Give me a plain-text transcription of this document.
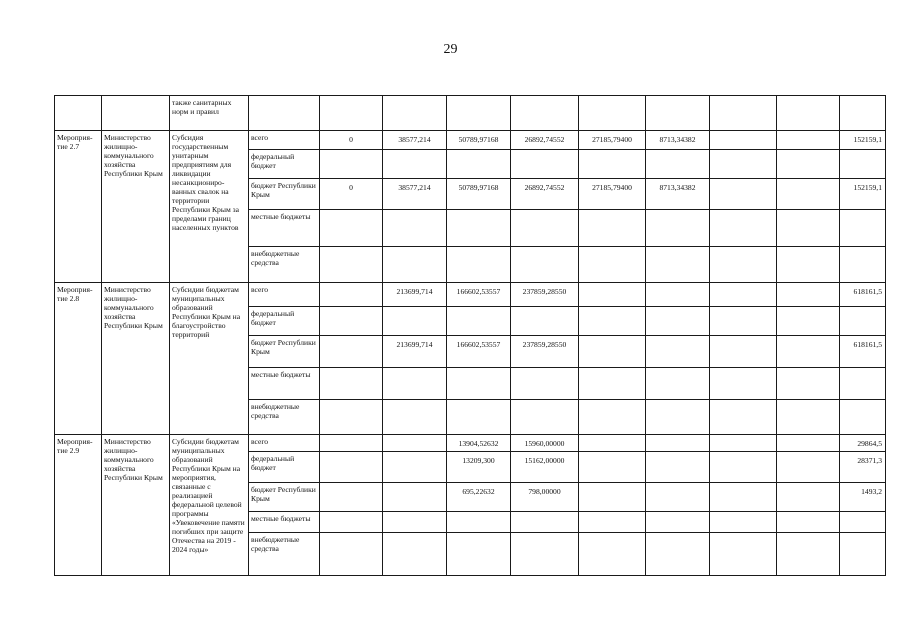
29
		также санитарных норм и правил										
Мероприя-тие 2.7	Министерство жилищно-коммунального хозяйства Республики Крым	Субсидия государственным унитарным предприятиям для ликвидации несанкциониро-ванных свалок на территории Республики Крым за пределами границ населенных пунктов	всего	0	38577,214	50789,97168	26892,74552	27185,79400	8713,34382			152159,1
			федеральный бюджет									
			бюджет Республики Крым	0	38577,214	50789,97168	26892,74552	27185,79400	8713,34382			152159,1
			местные бюджеты									
			внебюджетные средства									
Мероприя-тие 2.8	Министерство жилищно-коммунального хозяйства Республики Крым	Субсидии бюджетам муниципальных образований Республики Крым на благоустройство территорий	всего		213699,714	166602,53557	237859,28550					618161,5
			федеральный бюджет									
			бюджет Республики Крым		213699,714	166602,53557	237859,28550					618161,5
			местные бюджеты									
			внебюджетные средства									
Мероприя-тие 2.9	Министерство жилищно-коммунального хозяйства Республики Крым	Субсидии бюджетам муниципальных образований Республики Крым на мероприятия, связанные с реализацией федеральной целевой программы «Увековечение памяти погибших при защите Отечества на 2019 - 2024 годы»	всего			13904,52632	15960,00000					29864,5
			федеральный бюджет			13209,300	15162,00000					28371,3
			бюджет Республики Крым			695,22632	798,00000					1493,2
			местные бюджеты									
			внебюджетные средства									
